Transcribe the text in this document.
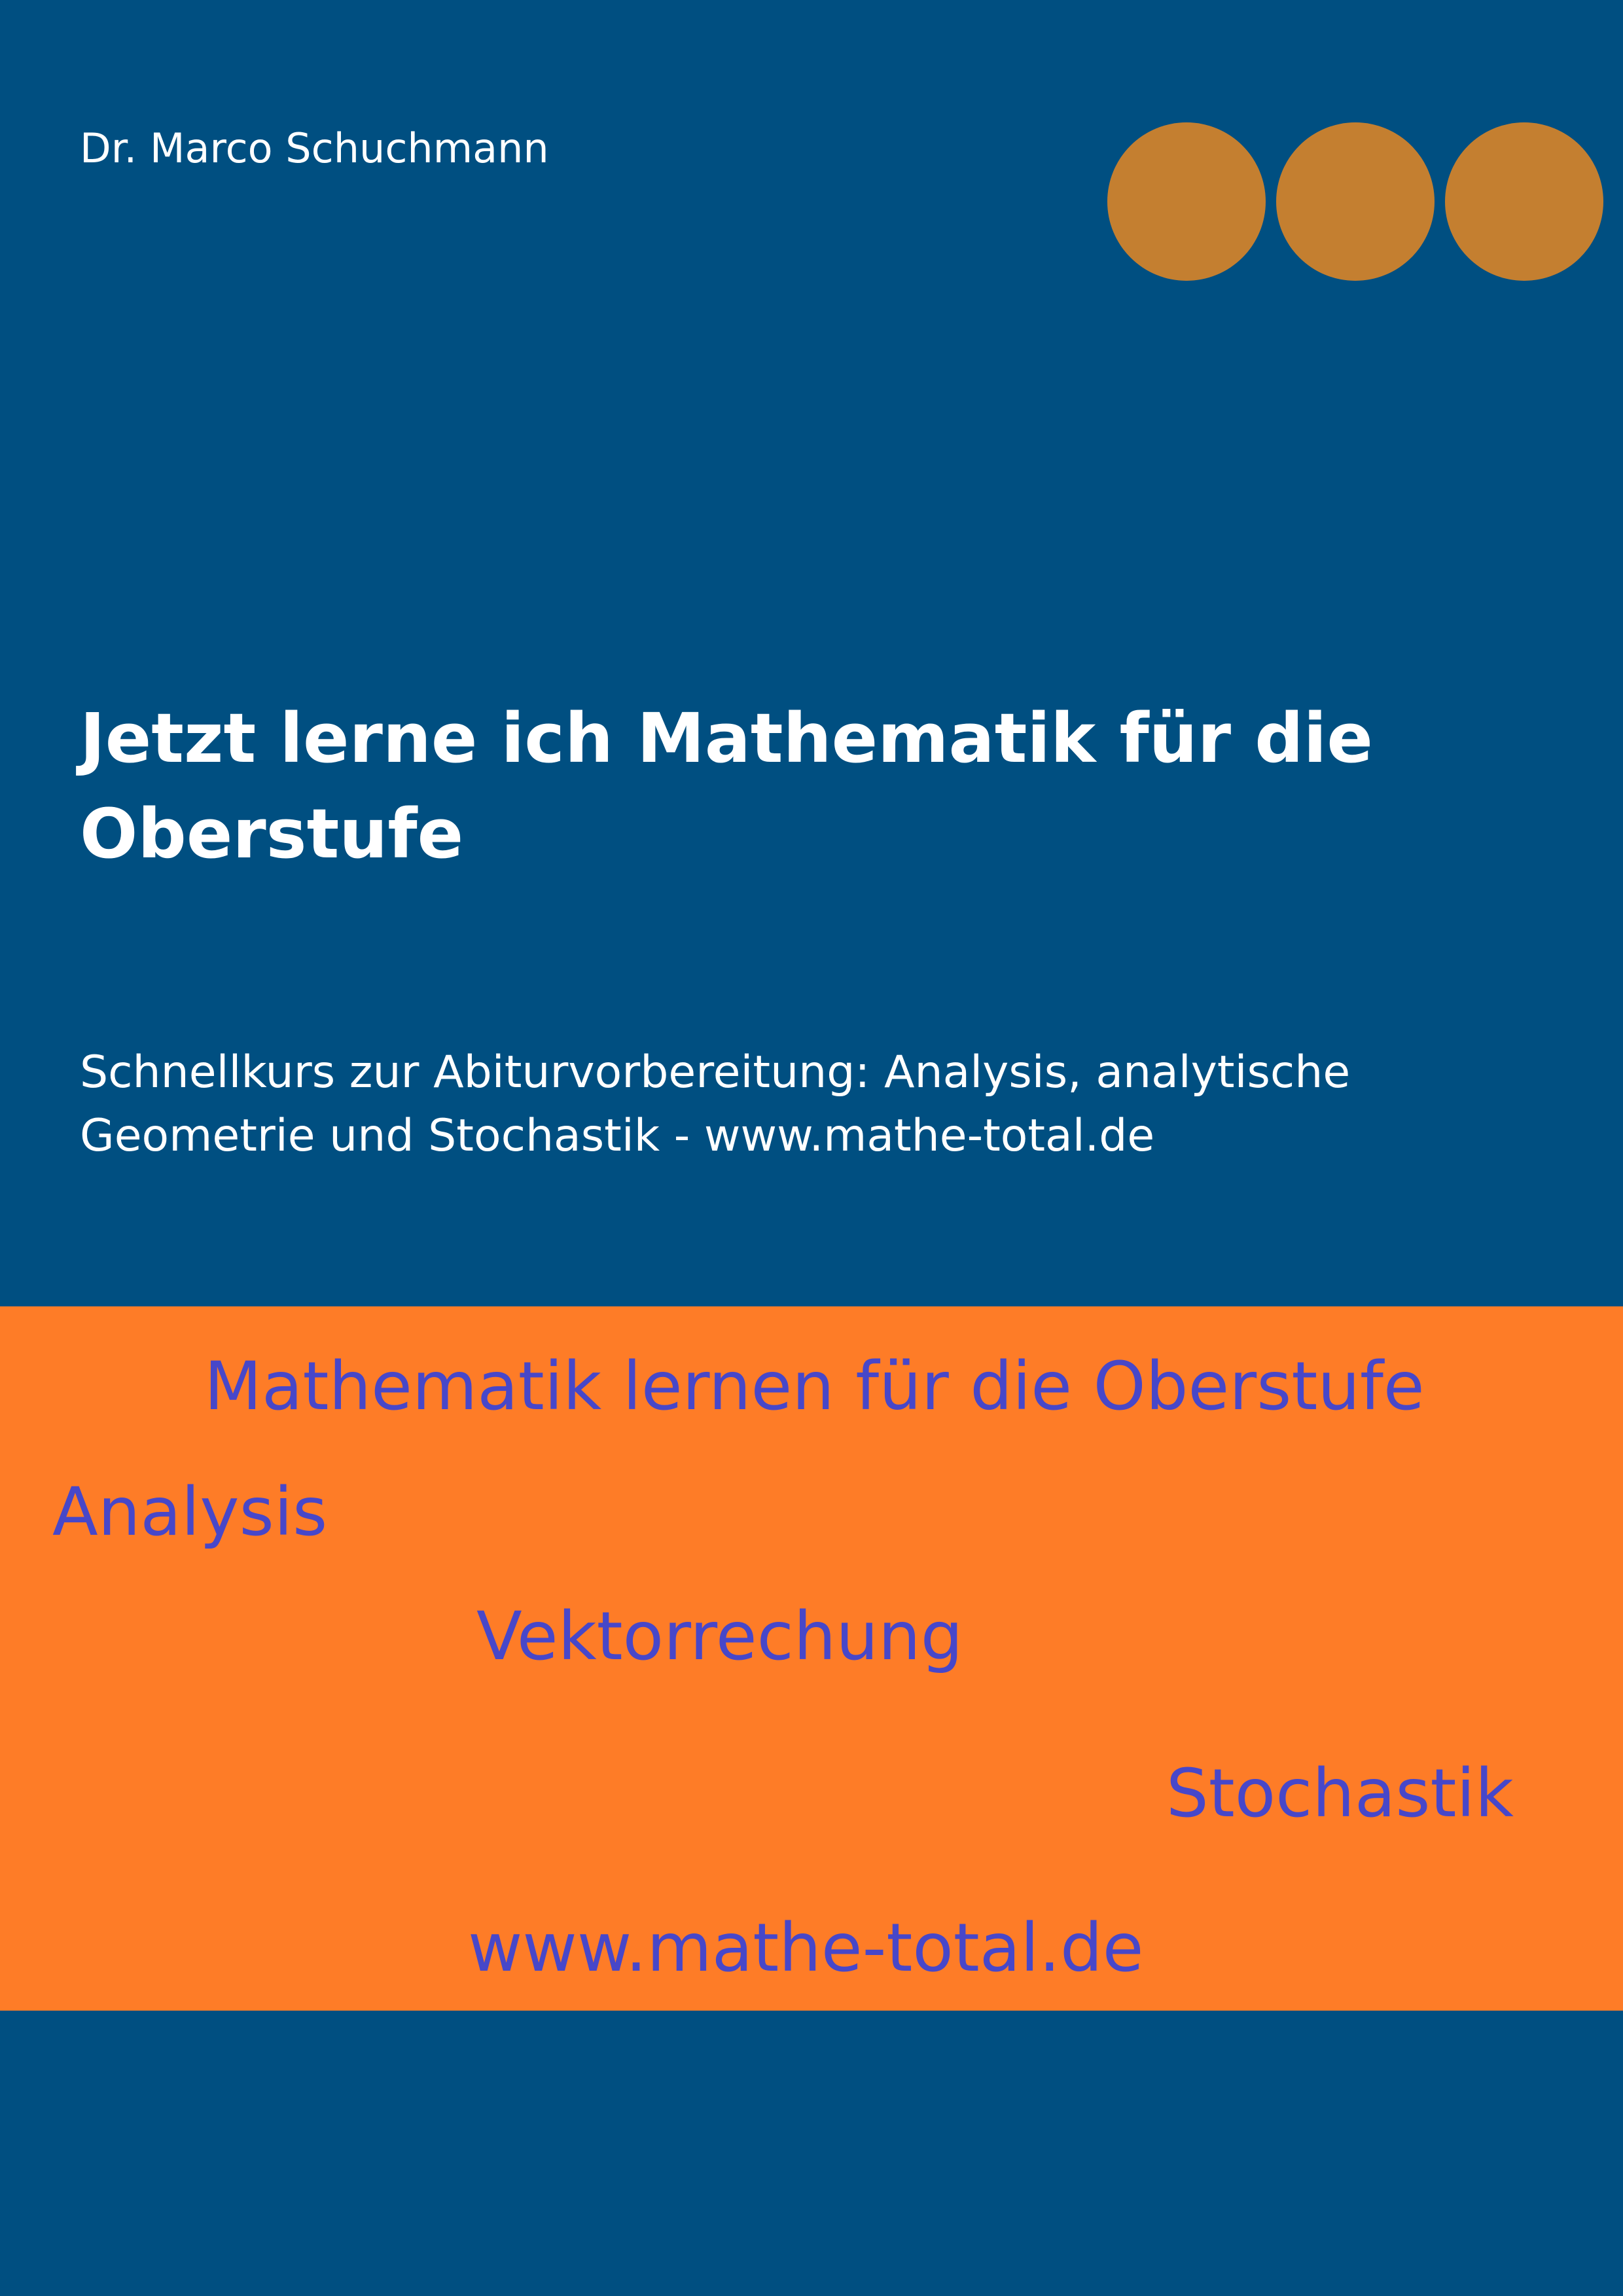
Dr. Marco Schuchmann
Jetzt lerne ich Mathematik für die Oberstufe
Schnellkurs zur Abiturvorbereitung: Analysis, analytische Geometrie und Stochastik - www.mathe-total.de
Mathematik lernen für die Oberstufe
Analysis
Vektorrechung
Stochastik
www.mathe-total.de
